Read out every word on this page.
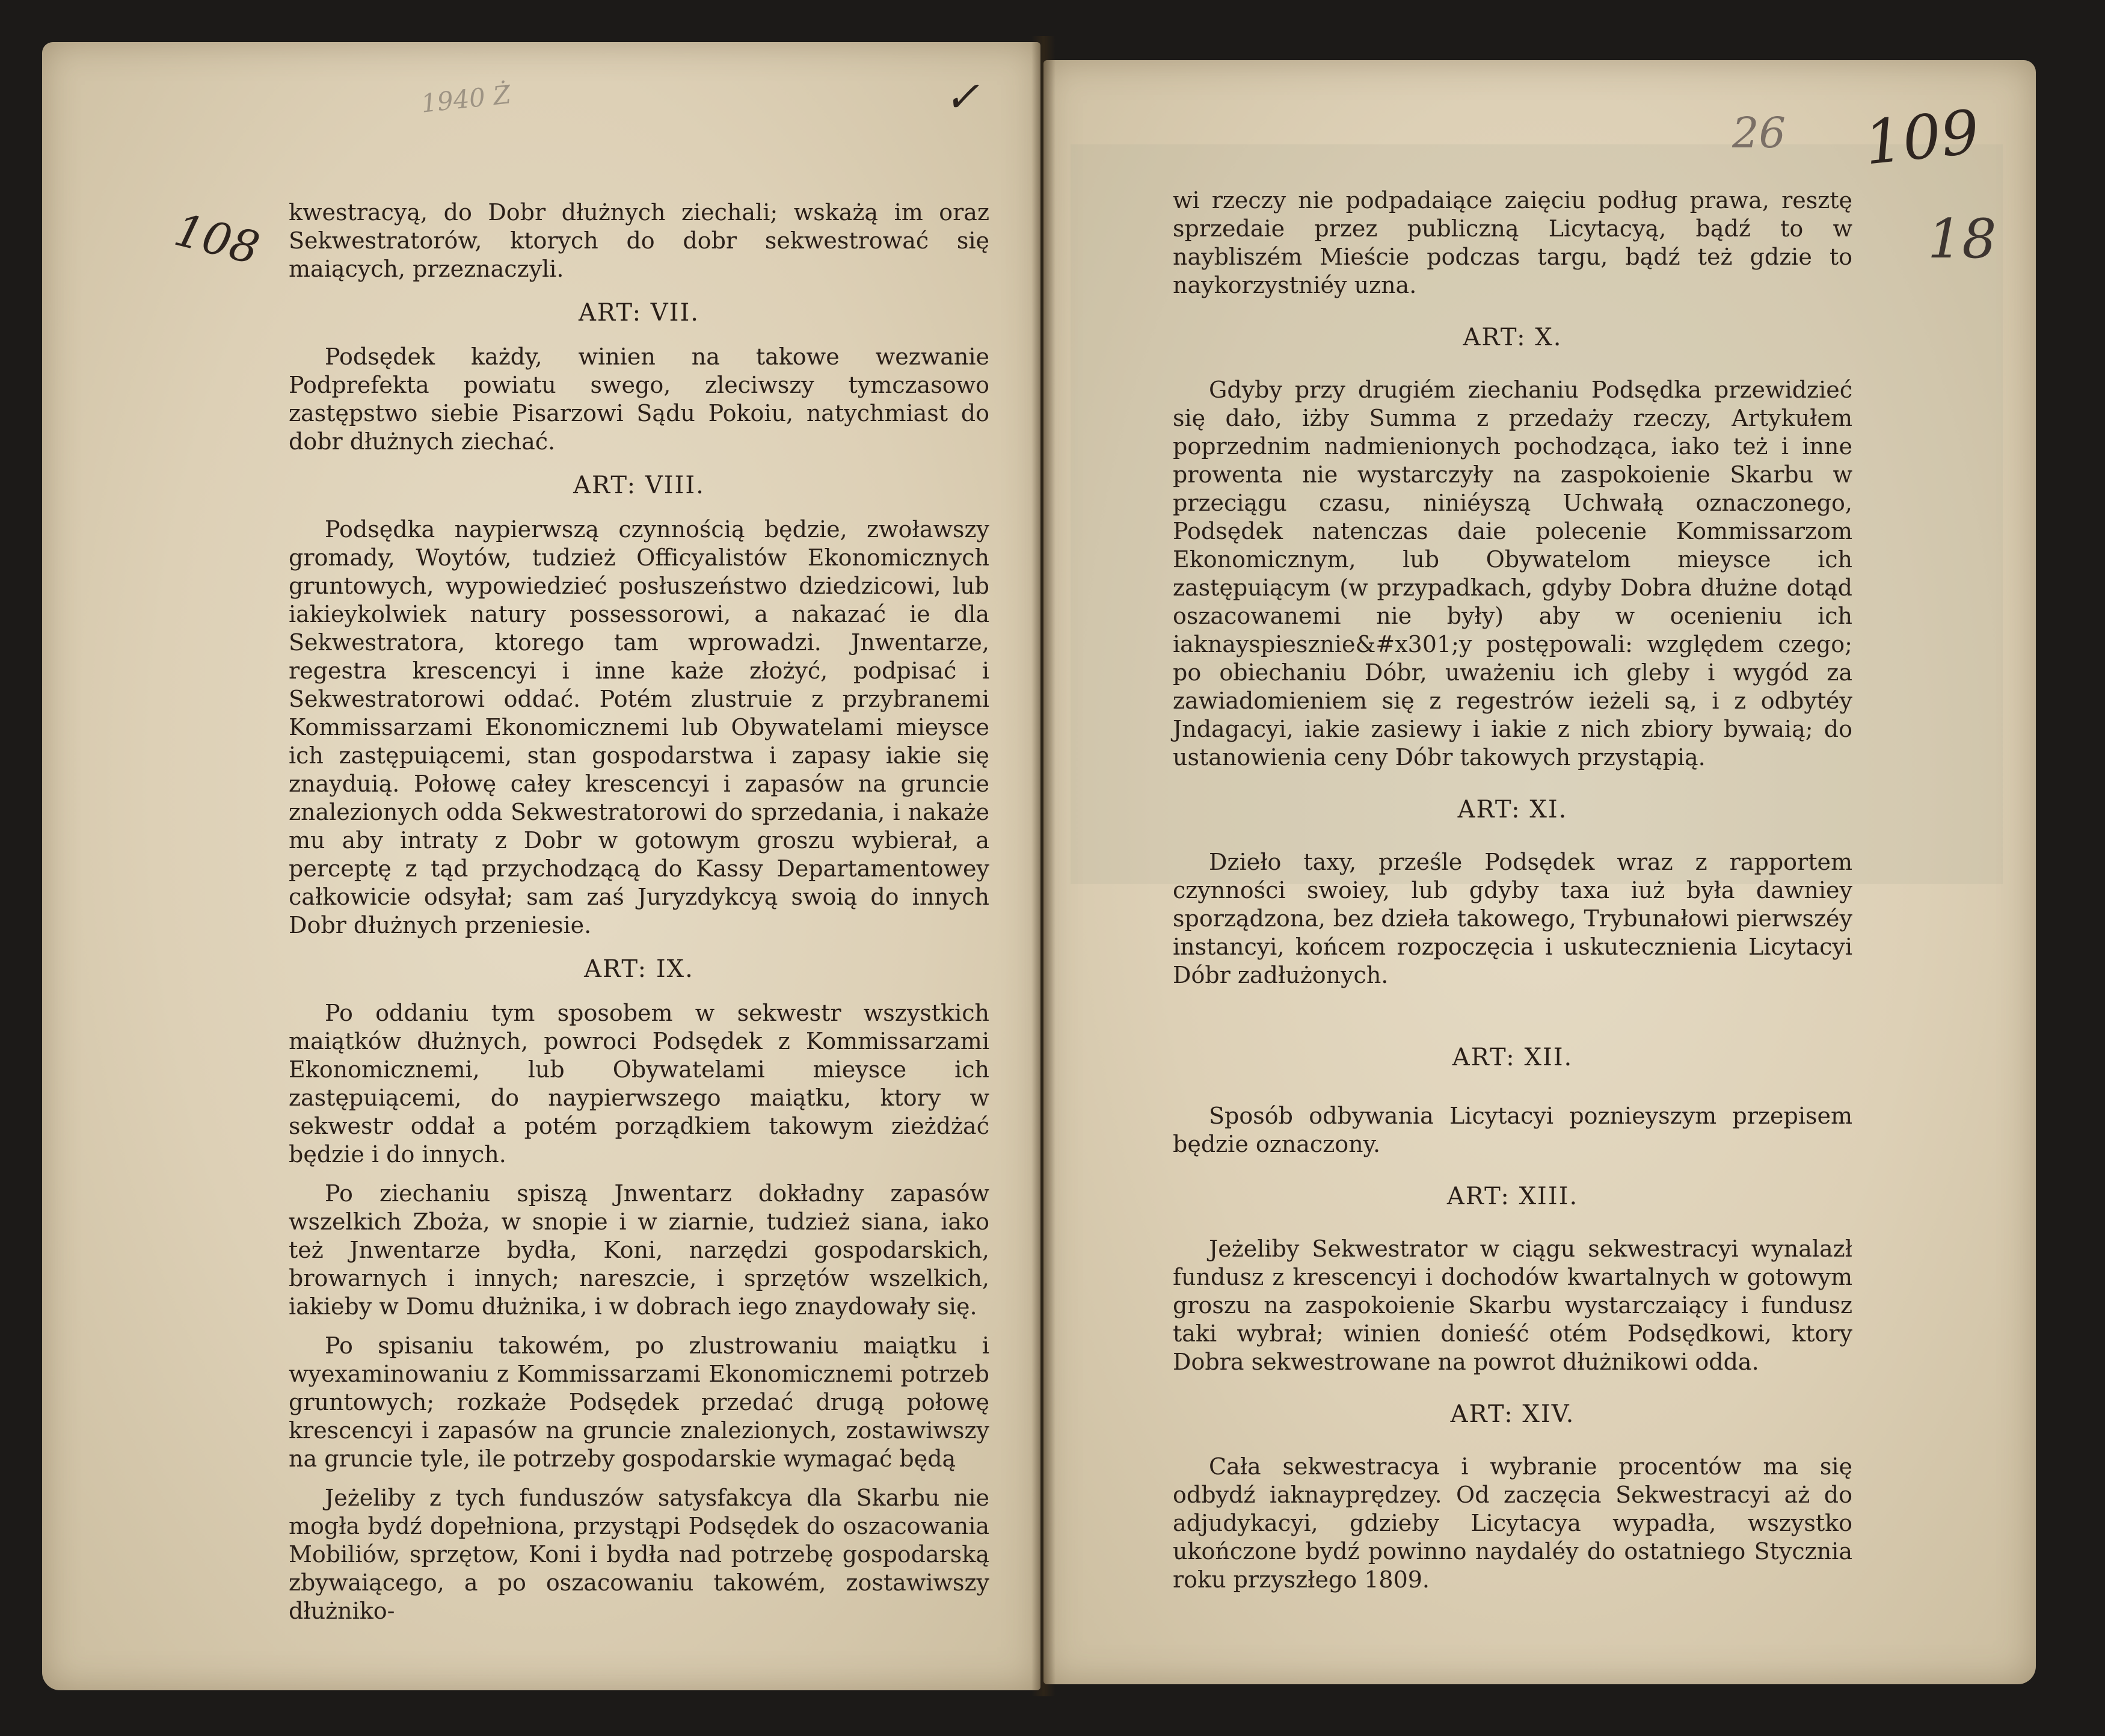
1940 Ż̇	✓
108
109
26
18

kwestracyą, do Dobr dłużnych ziechali; wskażą im oraz Sekwestratorów, ktorych do dobr sekwestrować się maiących, przeznaczyli.

ART: VII.

Podsędek każdy, winien na takowe wezwanie Podprefekta powiatu swego, zleciwszy tymczasowo zastępstwo siebie Pisarzowi Sądu Pokoiu, natychmiast do dobr dłużnych ziechać.

ART: VIII.

Podsędka naypierwszą czynnością będzie, zwoławszy gromady, Woytów, tudzież Officyalistów Ekonomicznych gruntowych, wypowiedzieć posłuszeństwo dziedzicowi, lub iakieykolwiek natury possessorowi, a nakazać ie dla Sekwestratora, ktorego tam wprowadzi. Jnwentarze, regestra krescencyi i inne każe złożyć, podpisać i Sekwestratorowi oddać. Potém zlustruie z przybranemi Kommissarzami Ekonomicznemi lub Obywatelami mieysce ich zastępuiącemi, stan gospodarstwa i zapasy iakie się znayduią. Połowę całey krescencyi i zapasów na gruncie znalezionych odda Sekwestratorowi do sprzedania, i nakaże mu aby intraty z Dobr w gotowym groszu wybierał, a perceptę z tąd przychodzącą do Kassy Departamentowey całkowicie odsyłał; sam zaś Juryzdykcyą swoią do innych Dobr dłużnych przeniesie.

ART: IX.

Po oddaniu tym sposobem w sekwestr wszystkich maiątków dłużnych, powroci Podsędek z Kommissarzami Ekonomicznemi, lub Obywatelami mieysce ich zastępuiącemi, do naypierwszego maiątku, ktory w sekwestr oddał a potém porządkiem takowym zieżdżać będzie i do innych.

Po ziechaniu spiszą Jnwentarz dokładny zapasów wszelkich Zboża, w snopie i w ziarnie, tudzież siana, iako też Jnwentarze bydła, Koni, narzędzi gospodarskich, browarnych i innych; nareszcie, i sprzętów wszelkich, iakieby w Domu dłużnika, i w dobrach iego znaydowały się.

Po spisaniu takowém, po zlustrowaniu maiątku i wyexaminowaniu z Kommissarzami Ekonomicznemi potrzeb gruntowych; rozkaże Podsędek przedać drugą połowę krescencyi i zapasów na gruncie znalezionych, zostawiwszy na gruncie tyle, ile potrzeby gospodarskie wymagać będą

Jeżeliby z tych funduszów satysfakcya dla Skarbu nie mogła bydź dopełniona, przystąpi Podsędek do oszacowania Mobiliów, sprzętow, Koni i bydła nad potrzebę gospodarską zbywaiącego, a po oszacowaniu takowém, zostawiwszy dłużniko-

wi rzeczy nie podpadaiące zaięciu podług prawa, resztę sprzedaie przez publiczną Licytacyą, bądź to w naybliszém Mieście podczas targu, bądź też gdzie to naykorzystniéy uzna.

ART: X.

Gdyby przy drugiém ziechaniu Podsędka przewidzieć się dało, iżby Summa z przedaży rzeczy, Artykułem poprzednim nadmienionych pochodząca, iako też i inne prowenta nie wystarczyły na zaspokoienie Skarbu w przeciągu czasu, niniéyszą Uchwałą oznaczonego, Podsędek natenczas daie polecenie Kommissarzom Ekonomicznym, lub Obywatelom mieysce ich zastępuiącym (w przypadkach, gdyby Dobra dłużne dotąd oszacowanemi nie były) aby w ocenieniu ich iaknayspiesznie&#x301;y postępowali: względem czego; po obiechaniu Dóbr, uważeniu ich gleby i wygód za zawiadomieniem się z regestrów ieżeli są, i z odbytéy Jndagacyi, iakie zasiewy i iakie z nich zbiory bywaią; do ustanowienia ceny Dóbr takowych przystąpią.

ART: XI.

Dzieło taxy, prześle Podsędek wraz z rapportem czynności swoiey, lub gdyby taxa iuż była dawniey sporządzona, bez dzieła takowego, Trybunałowi pierwszéy instancyi, końcem rozpoczęcia i uskutecznienia Licytacyi Dóbr zadłużonych.

ART: XII.

Sposób odbywania Licytacyi poznieyszym przepisem będzie oznaczony.

ART: XIII.

Jeżeliby Sekwestrator w ciągu sekwestracyi wynalazł fundusz z krescencyi i dochodów kwartalnych w gotowym groszu na zaspokoienie Skarbu wystarczaiący i fundusz taki wybrał; winien donieść otém Podsędkowi, ktory Dobra sekwestrowane na powrot dłużnikowi odda.

ART: XIV.

Cała sekwestracya i wybranie procentów ma się odbydź iaknayprędzey. Od zaczęcia Sekwestracyi aż do adjudykacyi, gdzieby Licytacya wypadła, wszystko ukończone bydź powinno naydaléy do ostatniego Stycznia roku przyszłego 1809.
